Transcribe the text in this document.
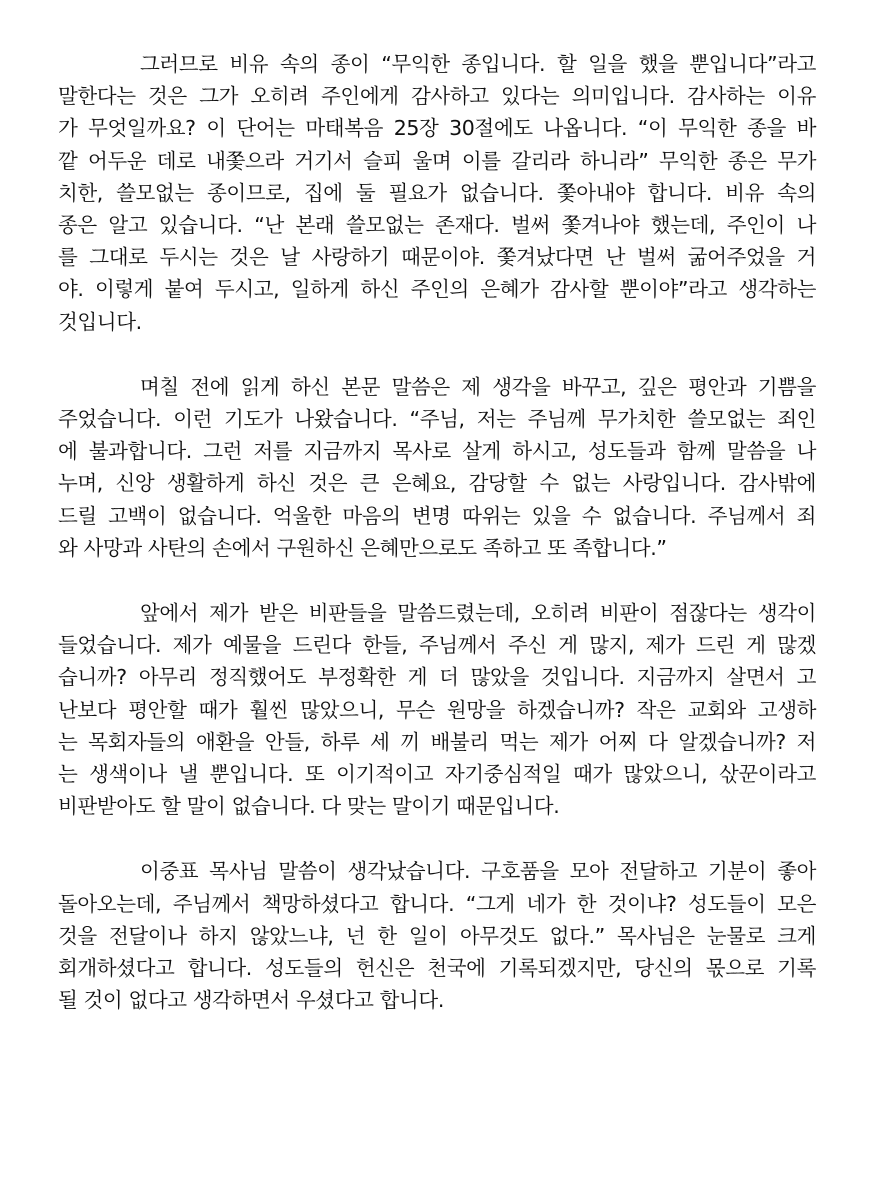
그러므로 비유 속의 종이 “무익한 종입니다. 할 일을 했을 뿐입니다”라고
말한다는 것은 그가 오히려 주인에게 감사하고 있다는 의미입니다. 감사하는 이유
가 무엇일까요? 이 단어는 마태복음 25장 30절에도 나옵니다. “이 무익한 종을 바
깥 어두운 데로 내쫓으라 거기서 슬피 울며 이를 갈리라 하니라” 무익한 종은 무가
치한, 쓸모없는 종이므로, 집에 둘 필요가 없습니다. 쫓아내야 합니다. 비유 속의
종은 알고 있습니다. “난 본래 쓸모없는 존재다. 벌써 쫓겨나야 했는데, 주인이 나
를 그대로 두시는 것은 날 사랑하기 때문이야. 쫓겨났다면 난 벌써 굶어주었을 거
야. 이렇게 붙여 두시고, 일하게 하신 주인의 은혜가 감사할 뿐이야”라고 생각하는
것입니다.

며칠 전에 읽게 하신 본문 말씀은 제 생각을 바꾸고, 깊은 평안과 기쁨을
주었습니다. 이런 기도가 나왔습니다. “주님, 저는 주님께 무가치한 쓸모없는 죄인
에 불과합니다. 그런 저를 지금까지 목사로 살게 하시고, 성도들과 함께 말씀을 나
누며, 신앙 생활하게 하신 것은 큰 은혜요, 감당할 수 없는 사랑입니다. 감사밖에
드릴 고백이 없습니다. 억울한 마음의 변명 따위는 있을 수 없습니다. 주님께서 죄
와 사망과 사탄의 손에서 구원하신 은혜만으로도 족하고 또 족합니다.”

앞에서 제가 받은 비판들을 말씀드렸는데, 오히려 비판이 점잖다는 생각이
들었습니다. 제가 예물을 드린다 한들, 주님께서 주신 게 많지, 제가 드린 게 많겠
습니까? 아무리 정직했어도 부정확한 게 더 많았을 것입니다. 지금까지 살면서 고
난보다 평안할 때가 훨씬 많았으니, 무슨 원망을 하겠습니까? 작은 교회와 고생하
는 목회자들의 애환을 안들, 하루 세 끼 배불리 먹는 제가 어찌 다 알겠습니까? 저
는 생색이나 낼 뿐입니다. 또 이기적이고 자기중심적일 때가 많았으니, 삯꾼이라고
비판받아도 할 말이 없습니다. 다 맞는 말이기 때문입니다.

이중표 목사님 말씀이 생각났습니다. 구호품을 모아 전달하고 기분이 좋아
돌아오는데, 주님께서 책망하셨다고 합니다. “그게 네가 한 것이냐? 성도들이 모은
것을 전달이나 하지 않았느냐, 넌 한 일이 아무것도 없다.” 목사님은 눈물로 크게
회개하셨다고 합니다. 성도들의 헌신은 천국에 기록되겠지만, 당신의 몫으로 기록
될 것이 없다고 생각하면서 우셨다고 합니다.
